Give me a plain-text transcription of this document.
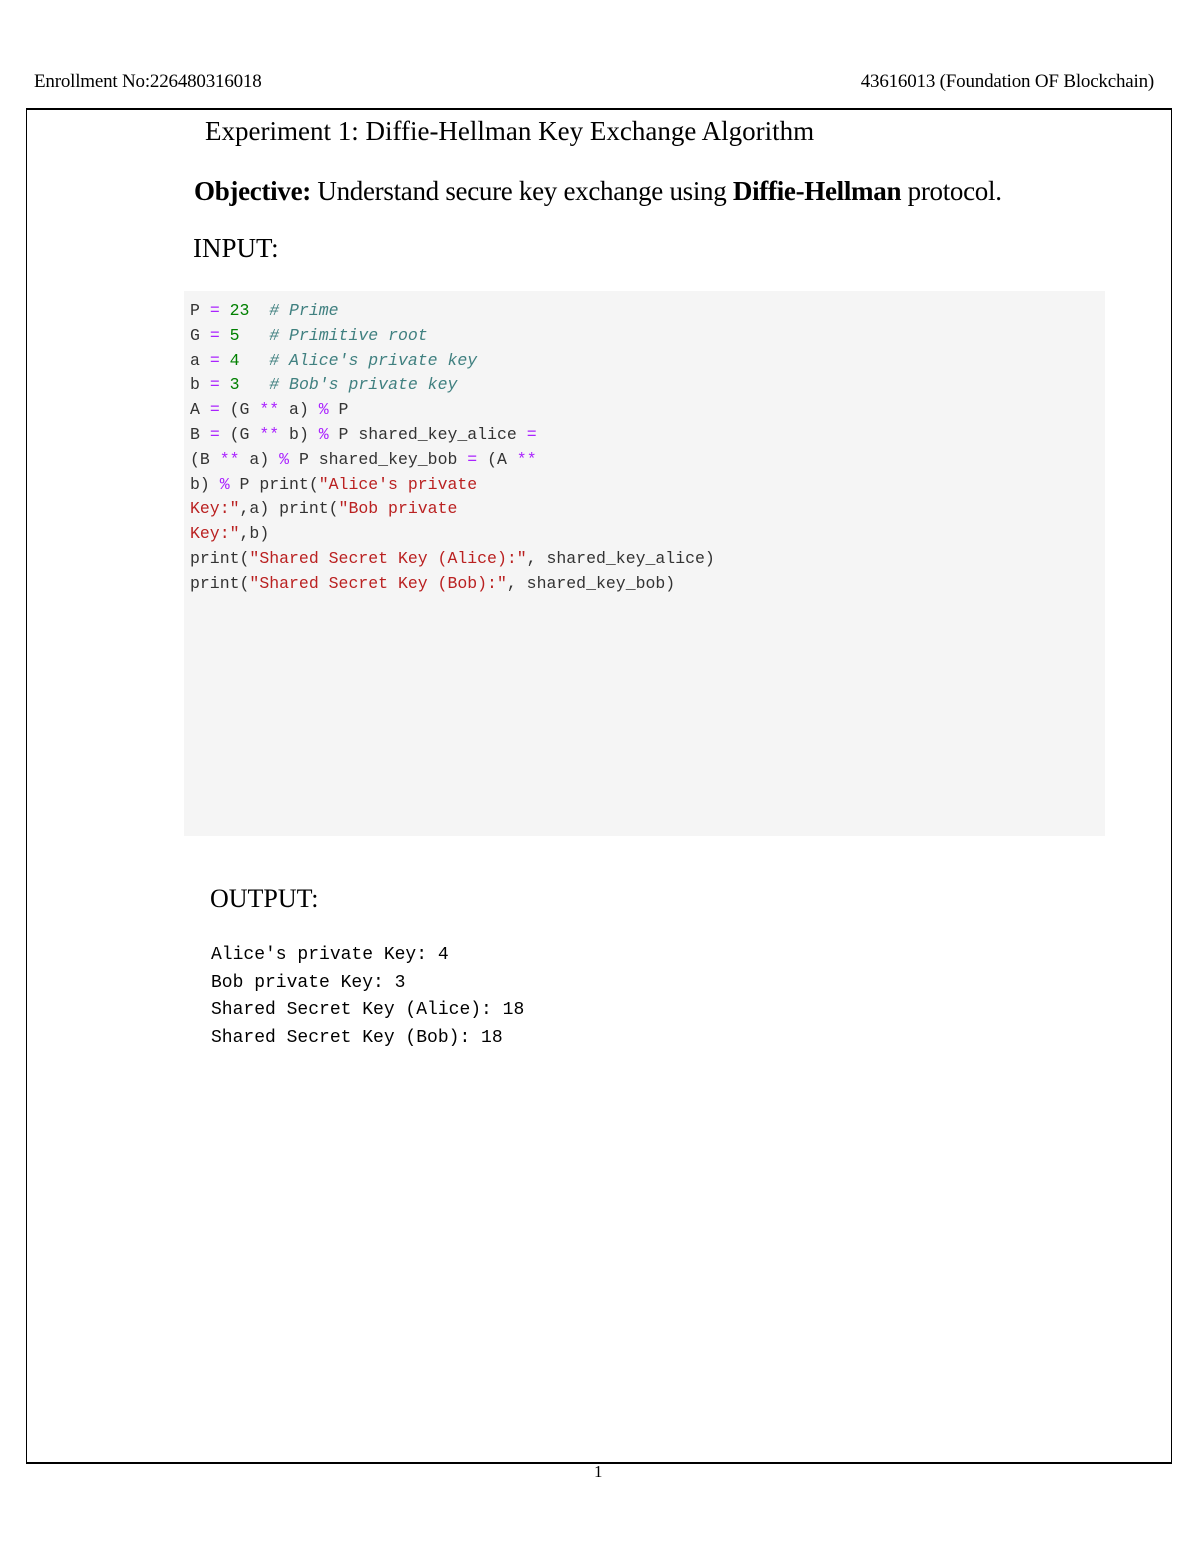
Enrollment No:226480316018	43616013 (Foundation OF Blockchain)
Experiment 1: Diffie-Hellman Key Exchange Algorithm
Objective: Understand secure key exchange using Diffie-Hellman protocol.
INPUT:
P = 23 # Prime
G = 5 # Primitive root
a = 4 # Alice's private key
b = 3 # Bob's private key
A = (G ** a) % P
B = (G ** b) % P shared_key_alice =
(B ** a) % P shared_key_bob = (A **
b) % P print("Alice's private
Key:",a) print("Bob private
Key:",b)
print("Shared Secret Key (Alice):", shared_key_alice)
print("Shared Secret Key (Bob):", shared_key_bob)
OUTPUT:
Alice's private Key: 4
Bob private Key: 3
Shared Secret Key (Alice): 18
Shared Secret Key (Bob): 18
1
